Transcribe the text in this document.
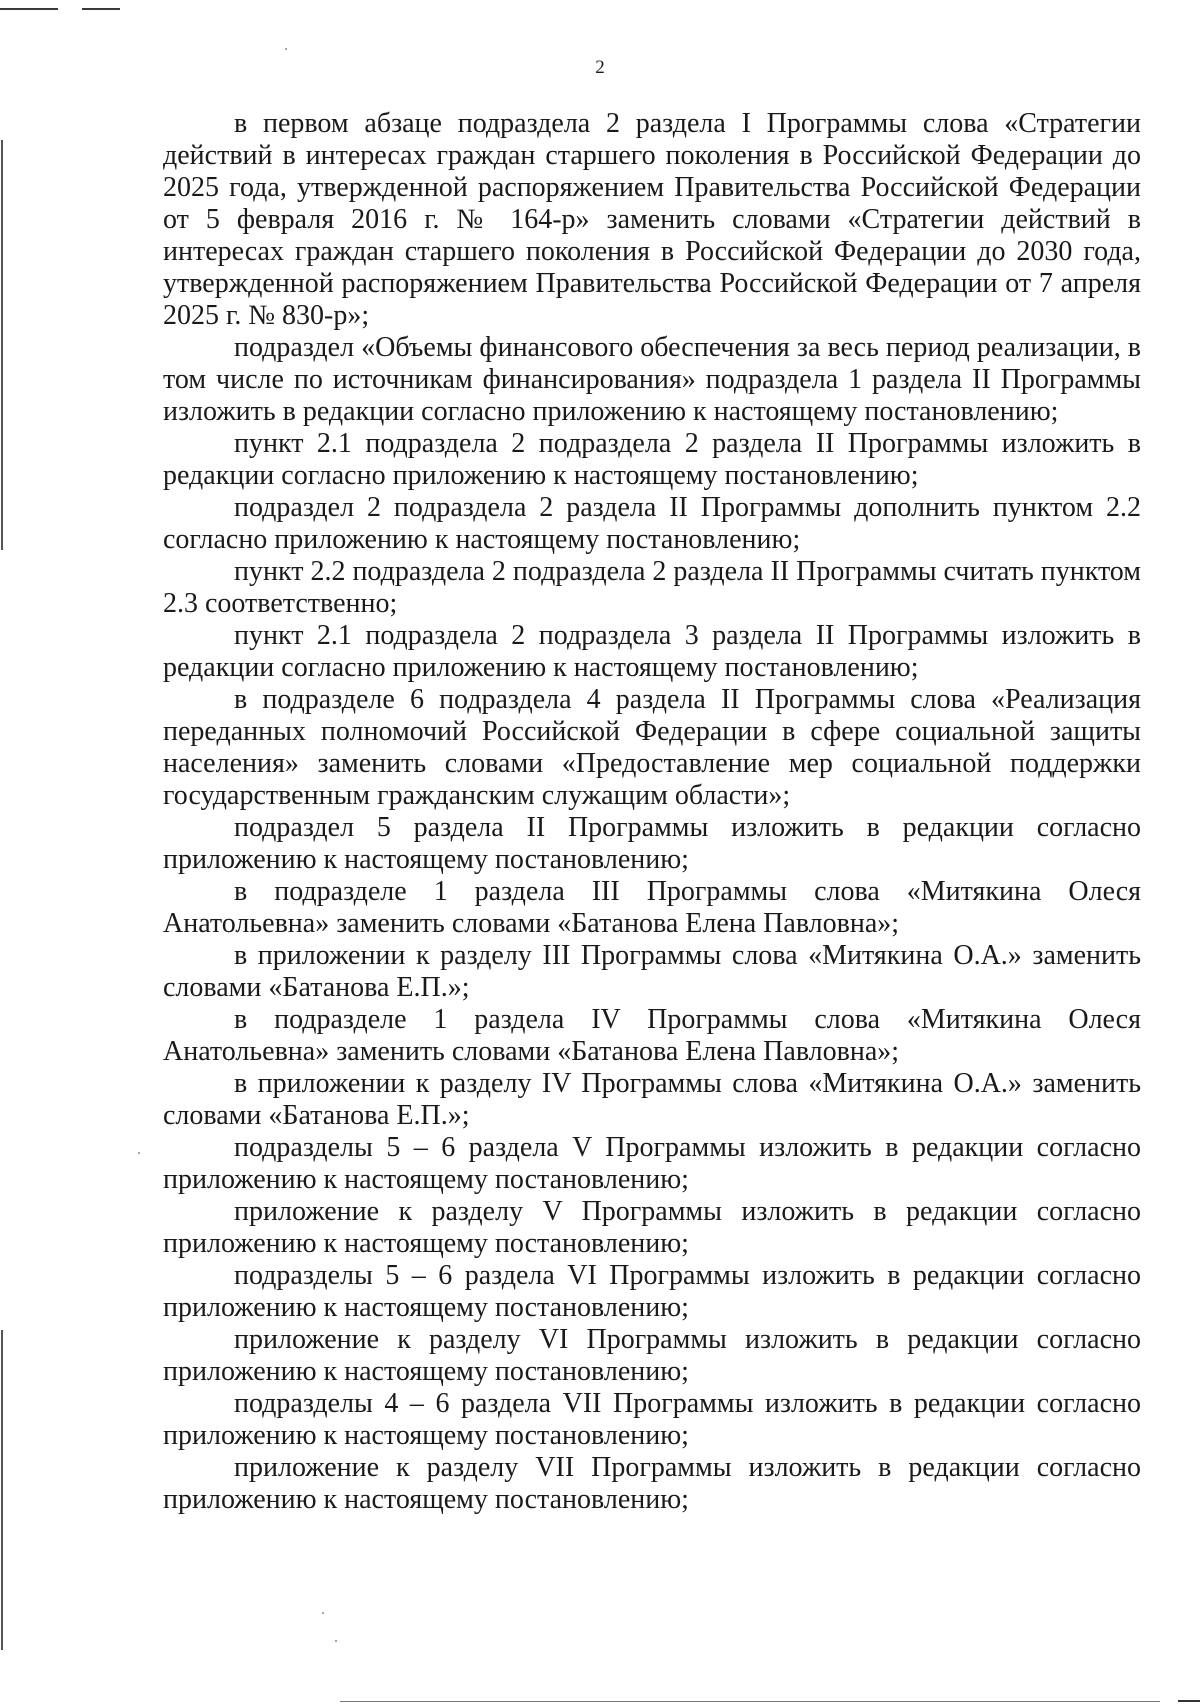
2

в первом абзаце подраздела 2 раздела I Программы слова «Стратегии действий в интересах граждан старшего поколения в Российской Федерации до 2025 года, утвержденной распоряжением Правительства Российской Федерации от 5 февраля 2016 г. № 164-р» заменить словами «Стратегии действий в интересах граждан старшего поколения в Российской Федерации до 2030 года, утвержденной распоряжением Правительства Российской Федерации от 7 апреля 2025 г. № 830-р»;

подраздел «Объемы финансового обеспечения за весь период реализации, в том числе по источникам финансирования» подраздела 1 раздела II Программы изложить в редакции согласно приложению к настоящему постановлению;

пункт 2.1 подраздела 2 подраздела 2 раздела II Программы изложить в редакции согласно приложению к настоящему постановлению;

подраздел 2 подраздела 2 раздела II Программы дополнить пунктом 2.2 согласно приложению к настоящему постановлению;

пункт 2.2 подраздела 2 подраздела 2 раздела II Программы считать пунктом 2.3 соответственно;

пункт 2.1 подраздела 2 подраздела 3 раздела II Программы изложить в редакции согласно приложению к настоящему постановлению;

в подразделе 6 подраздела 4 раздела II Программы слова «Реализация переданных полномочий Российской Федерации в сфере социальной защиты населения» заменить словами «Предоставление мер социальной поддержки государственным гражданским служащим области»;

подраздел 5 раздела II Программы изложить в редакции согласно приложению к настоящему постановлению;

в подразделе 1 раздела III Программы слова «Митякина Олеся Анатольевна» заменить словами «Батанова Елена Павловна»;

в приложении к разделу III Программы слова «Митякина О.А.» заменить словами «Батанова Е.П.»;

в подразделе 1 раздела IV Программы слова «Митякина Олеся Анатольевна» заменить словами «Батанова Елена Павловна»;

в приложении к разделу IV Программы слова «Митякина О.А.» заменить словами «Батанова Е.П.»;

подразделы 5 – 6 раздела V Программы изложить в редакции согласно приложению к настоящему постановлению;

приложение к разделу V Программы изложить в редакции согласно приложению к настоящему постановлению;

подразделы 5 – 6 раздела VI Программы изложить в редакции согласно приложению к настоящему постановлению;

приложение к разделу VI Программы изложить в редакции согласно приложению к настоящему постановлению;

подразделы 4 – 6 раздела VII Программы изложить в редакции согласно приложению к настоящему постановлению;

приложение к разделу VII Программы изложить в редакции согласно приложению к настоящему постановлению;
